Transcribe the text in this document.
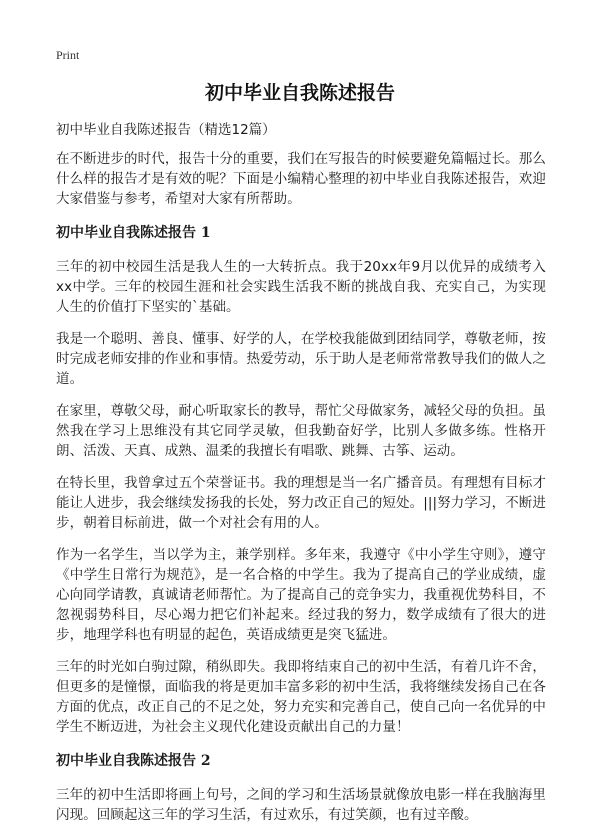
Print
初中毕业自我陈述报告
初中毕业自我陈述报告（精选12篇）

在不断进步的时代，报告十分的重要，我们在写报告的时候要避免篇幅过长。那么什么样的报告才是有效的呢？下面是小编精心整理的初中毕业自我陈述报告，欢迎大家借鉴与参考，希望对大家有所帮助。

初中毕业自我陈述报告 1

三年的初中校园生活是我人生的一大转折点。我于20xx年9月以优异的成绩考入xx中学。三年的校园生涯和社会实践生活我不断的挑战自我、充实自己，为实现人生的价值打下坚实的`基础。

我是一个聪明、善良、懂事、好学的人，在学校我能做到团结同学，尊敬老师，按时完成老师安排的作业和事情。热爱劳动，乐于助人是老师常常教导我们的做人之道。

在家里，尊敬父母，耐心听取家长的教导，帮忙父母做家务，减轻父母的负担。虽然我在学习上思维没有其它同学灵敏，但我勤奋好学，比别人多做多练。性格开朗、活泼、天真、成熟、温柔的我擅长有唱歌、跳舞、古筝、运动。

在特长里，我曾拿过五个荣誉证书。我的理想是当一名广播音员。有理想有目标才能让人进步，我会继续发扬我的长处，努力改正自己的短处。|||努力学习，不断进步，朝着目标前进，做一个对社会有用的人。

作为一名学生，当以学为主，兼学别样。多年来，我遵守《中小学生守则》，遵守《中学生日常行为规范》，是一名合格的中学生。我为了提高自己的学业成绩，虚心向同学请教，真诚请老师帮忙。为了提高自己的竞争实力，我重视优势科目，不忽视弱势科目，尽心竭力把它们补起来。经过我的努力，数学成绩有了很大的进步，地理学科也有明显的起色，英语成绩更是突飞猛进。

三年的时光如白驹过隙，稍纵即失。我即将结束自己的初中生活，有着几许不舍，但更多的是憧憬，面临我的将是更加丰富多彩的初中生活，我将继续发扬自己在各方面的优点，改正自己的不足之处，努力充实和完善自己，使自己向一名优异的中学生不断迈进，为社会主义现代化建设贡献出自己的力量！

初中毕业自我陈述报告 2

三年的初中生活即将画上句号，之间的学习和生活场景就像放电影一样在我脑海里闪现。回顾起这三年的学习生活，有过欢乐，有过笑颜，也有过辛酸。
